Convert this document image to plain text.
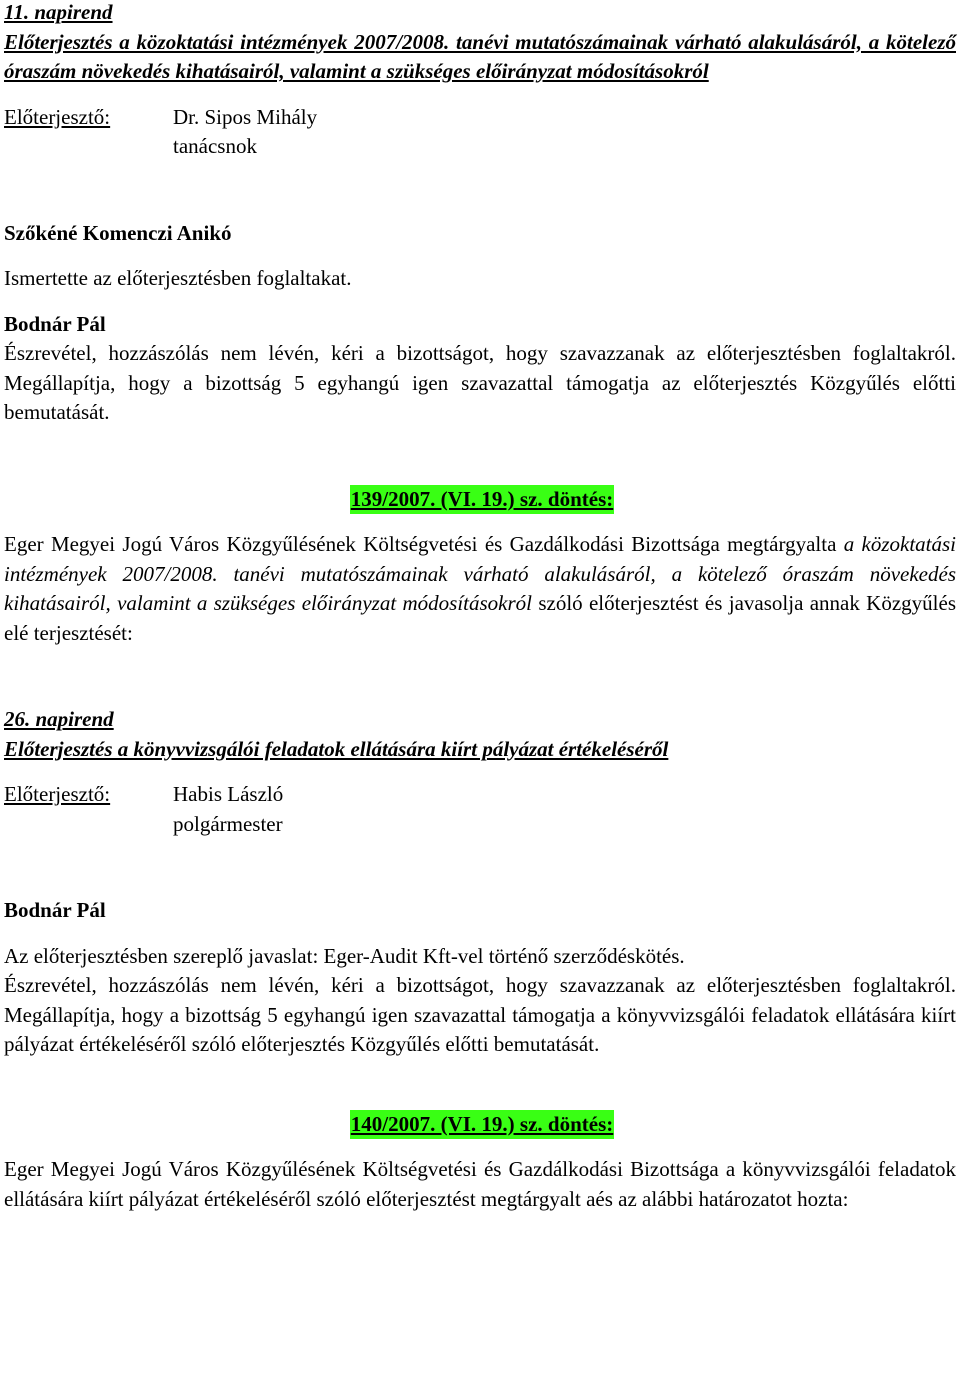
11. napirend

Előterjesztés a közoktatási intézmények 2007/2008. tanévi mutatószámainak várható alakulásáról, a kötelező óraszám növekedés kihatásairól, valamint a szükséges előirányzat módosításokról

Előterjesztő:	Dr. Sipos Mihály
tanácsnok

Szőkéné Komenczi Anikó

Ismertette az előterjesztésben foglaltakat.

Bodnár Pál

Észrevétel, hozzászólás nem lévén, kéri a bizottságot, hogy szavazzanak az előterjesztésben foglaltakról. Megállapítja, hogy a bizottság 5 egyhangú igen szavazattal támogatja az előterjesztés Közgyűlés előtti bemutatását.

139/2007. (VI. 19.) sz. döntés:

Eger Megyei Jogú Város Közgyűlésének Költségvetési és Gazdálkodási Bizottsága megtárgyalta a közoktatási intézmények 2007/2008. tanévi mutatószámainak várható alakulásáról, a kötelező óraszám növekedés kihatásairól, valamint a szükséges előirányzat módosításokról szóló előterjesztést és javasolja annak Közgyűlés elé terjesztését:

26. napirend

Előterjesztés a könyvvizsgálói feladatok ellátására kiírt pályázat értékeléséről

Előterjesztő:	Habis László
polgármester

Bodnár Pál

Az előterjesztésben szereplő javaslat: Eger-Audit Kft-vel történő szerződéskötés.

Észrevétel, hozzászólás nem lévén, kéri a bizottságot, hogy szavazzanak az előterjesztésben foglaltakról. Megállapítja, hogy a bizottság 5 egyhangú igen szavazattal támogatja a könyvvizsgálói feladatok ellátására kiírt pályázat értékeléséről szóló előterjesztés Közgyűlés előtti bemutatását.

140/2007. (VI. 19.) sz. döntés:

Eger Megyei Jogú Város Közgyűlésének Költségvetési és Gazdálkodási Bizottsága a könyvvizsgálói feladatok ellátására kiírt pályázat értékeléséről szóló előterjesztést megtárgyalt aés az alábbi határozatot hozta:
